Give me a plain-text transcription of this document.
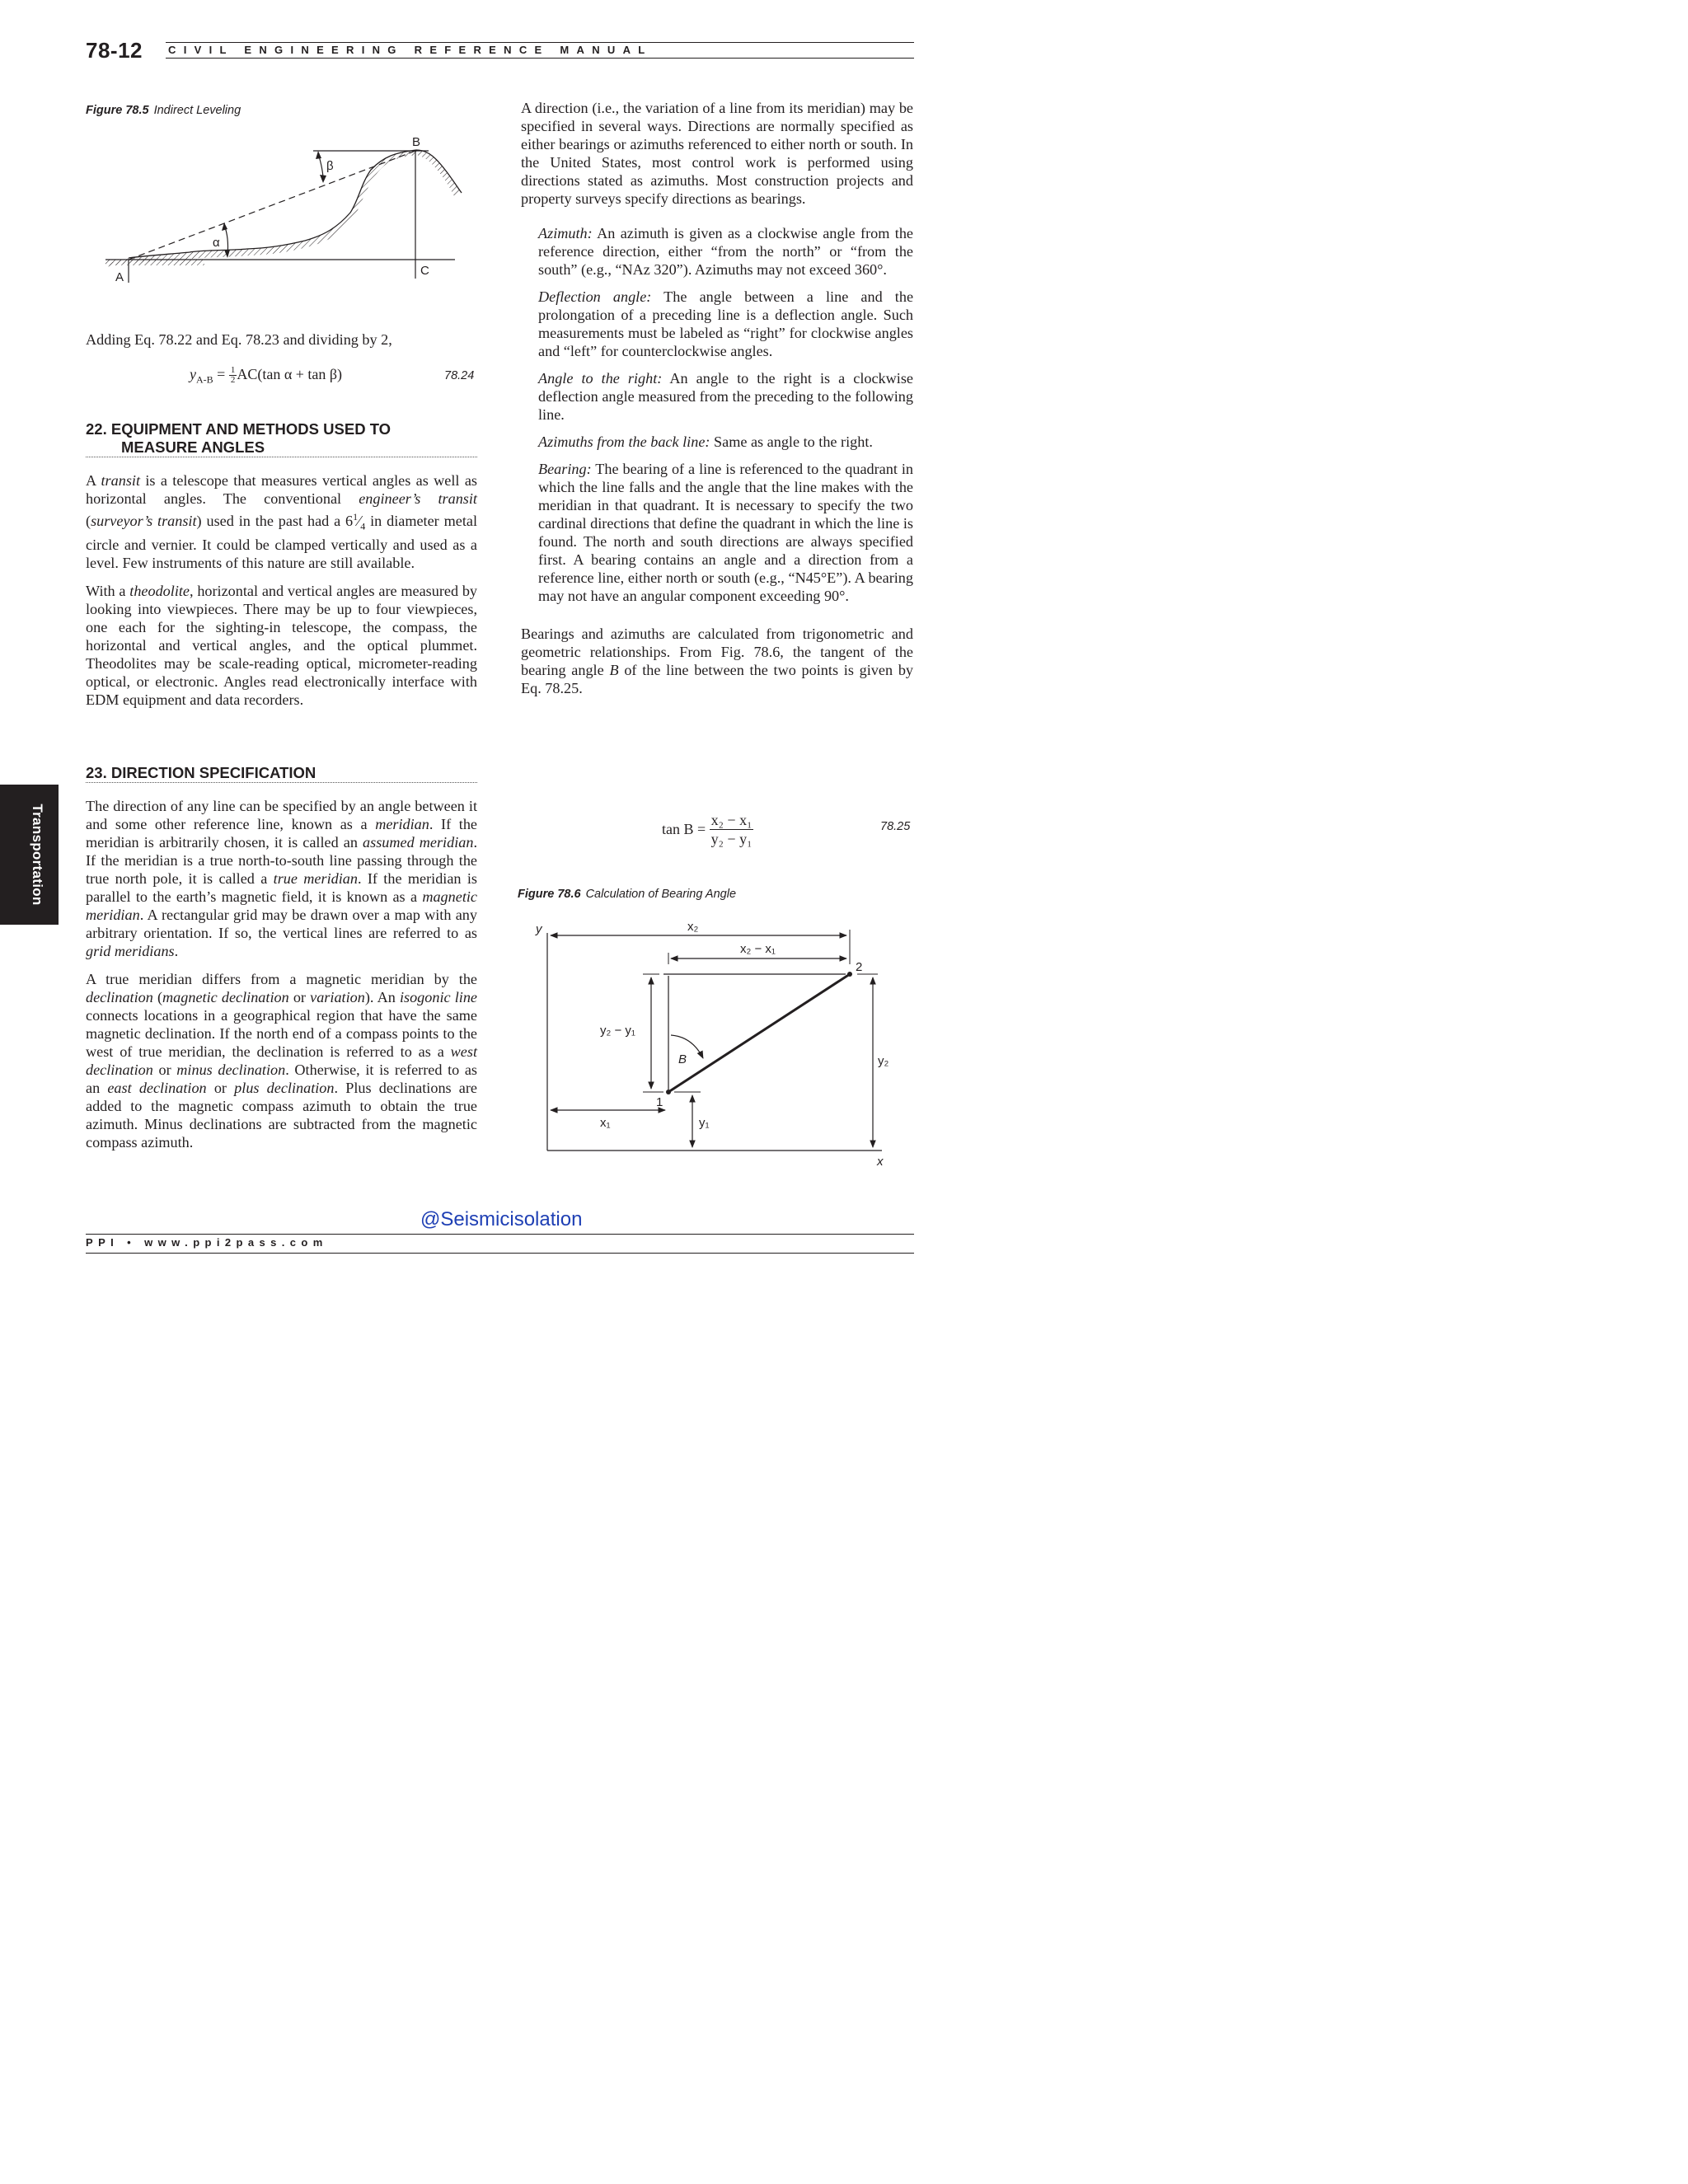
78-12 CIVIL ENGINEERING REFERENCE MANUAL
Transportation
Figure 78.5 Indirect Leveling
B
β
α
A	C
Adding Eq. 78.22 and Eq. 78.23 and dividing by 2,
$y_{A-B} = \frac{1}{2} AC(\tan$ α + tan β)	78.24
22. EQUIPMENT AND METHODS USED TO
MEASURE ANGLES

A transit is a telescope that measures vertical angles as well as horizontal angles. The conventional engineer’s transit (surveyor’s transit) used in the past had a $6^1⁄_4$ in diameter metal circle and vernier. It could be clamped vertically and used as a level. Few instruments of this nature are still available.

With a theodolite, horizontal and vertical angles are measured by looking into viewpieces. There may be up to four viewpieces, one each for the sighting-in telescope, the compass, the horizontal and vertical angles, and the optical plummet. Theodolites may be scale-reading optical, micrometer-reading optical, or electronic. Angles read electronically interface with EDM equipment and data recorders.

23. DIRECTION SPECIFICATION

The direction of any line can be specified by an angle between it and some other reference line, known as a meridian. If the meridian is arbitrarily chosen, it is called an assumed meridian. If the meridian is a true north-to-south line passing through the true north pole, it is called a true meridian. If the meridian is parallel to the earth’s magnetic field, it is known as a magnetic meridian. A rectangular grid may be drawn over a map with any arbitrary orientation. If so, the vertical lines are referred to as grid meridians.

A true meridian differs from a magnetic meridian by the declination (magnetic declination or variation). An isogonic line connects locations in a geographical region that have the same magnetic declination. If the north end of a compass points to the west of true meridian, the declination is referred to as a west declination or minus declination. Otherwise, it is referred to as an east declination or plus declination. Plus declinations are added to the magnetic compass azimuth to obtain the true azimuth. Minus declinations are subtracted from the magnetic compass azimuth.

A direction (i.e., the variation of a line from its meridian) may be specified in several ways. Directions are normally specified as either bearings or azimuths referenced to either north or south. In the United States, most control work is performed using directions stated as azimuths. Most construction projects and property surveys specify directions as bearings.

Azimuth: An azimuth is given as a clockwise angle from the reference direction, either “from the north” or “from the south” (e.g., “NAz 320”). Azimuths may not exceed 360°.

Deflection angle: The angle between a line and the prolongation of a preceding line is a deflection angle. Such measurements must be labeled as “right” for clockwise angles and “left” for counterclockwise angles.

Angle to the right: An angle to the right is a clockwise deflection angle measured from the preceding to the following line.

Azimuths from the back line: Same as angle to the right.

Bearing: The bearing of a line is referenced to the quadrant in which the line falls and the angle that the line makes with the meridian in that quadrant. It is necessary to specify the two cardinal directions that define the quadrant in which the line is found. The north and south directions are always specified first. A bearing contains an angle and a direction from a reference line, either north or south (e.g., “N45°E”). A bearing may not have an angular component exceeding 90°.

Bearings and azimuths are calculated from trigonometric and geometric relationships. From Fig. 78.6, the tangent of the bearing angle B of the line between the two points is given by Eq. 78.25.

$\tan B = \frac{\text{x₂ − x₁}}{\text{y₂ − y₁}}$	78.25
Figure 78.6 Calculation of Bearing Angle
y	x₂
x₂ − x₁
2
y₂ − y₁
B	y₂
1
x₁	y₁
x
@Seismicisolation
PPI • www.ppi2pass.com
